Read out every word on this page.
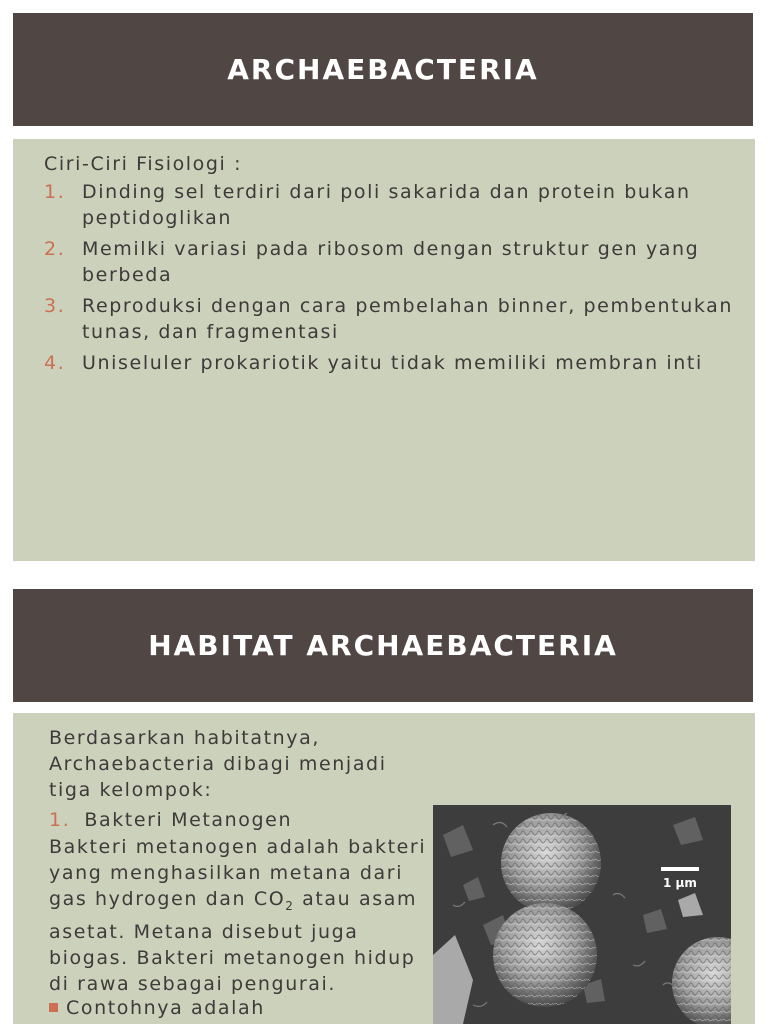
ARCHAEBACTERIA
Ciri-Ciri Fisiologi :
1. Dinding sel terdiri dari poli sakarida dan protein bukan peptidoglikan
2. Memilki variasi pada ribosom dengan struktur gen yang berbeda
3. Reproduksi dengan cara pembelahan binner, pembentukan tunas, dan fragmentasi
4. Uniseluler prokariotik yaitu tidak memiliki membran inti
HABITAT ARCHAEBACTERIA
Berdasarkan habitatnya, Archaebacteria dibagi menjadi tiga kelompok:
1. Bakteri Metanogen
Bakteri metanogen adalah bakteri yang menghasilkan metana dari gas hydrogen dan $CO_2$ atau asam asetat. Metana disebut juga biogas. Bakteri metanogen hidup di rawa sebagai pengurai.
Contohnya adalah
1 μm
